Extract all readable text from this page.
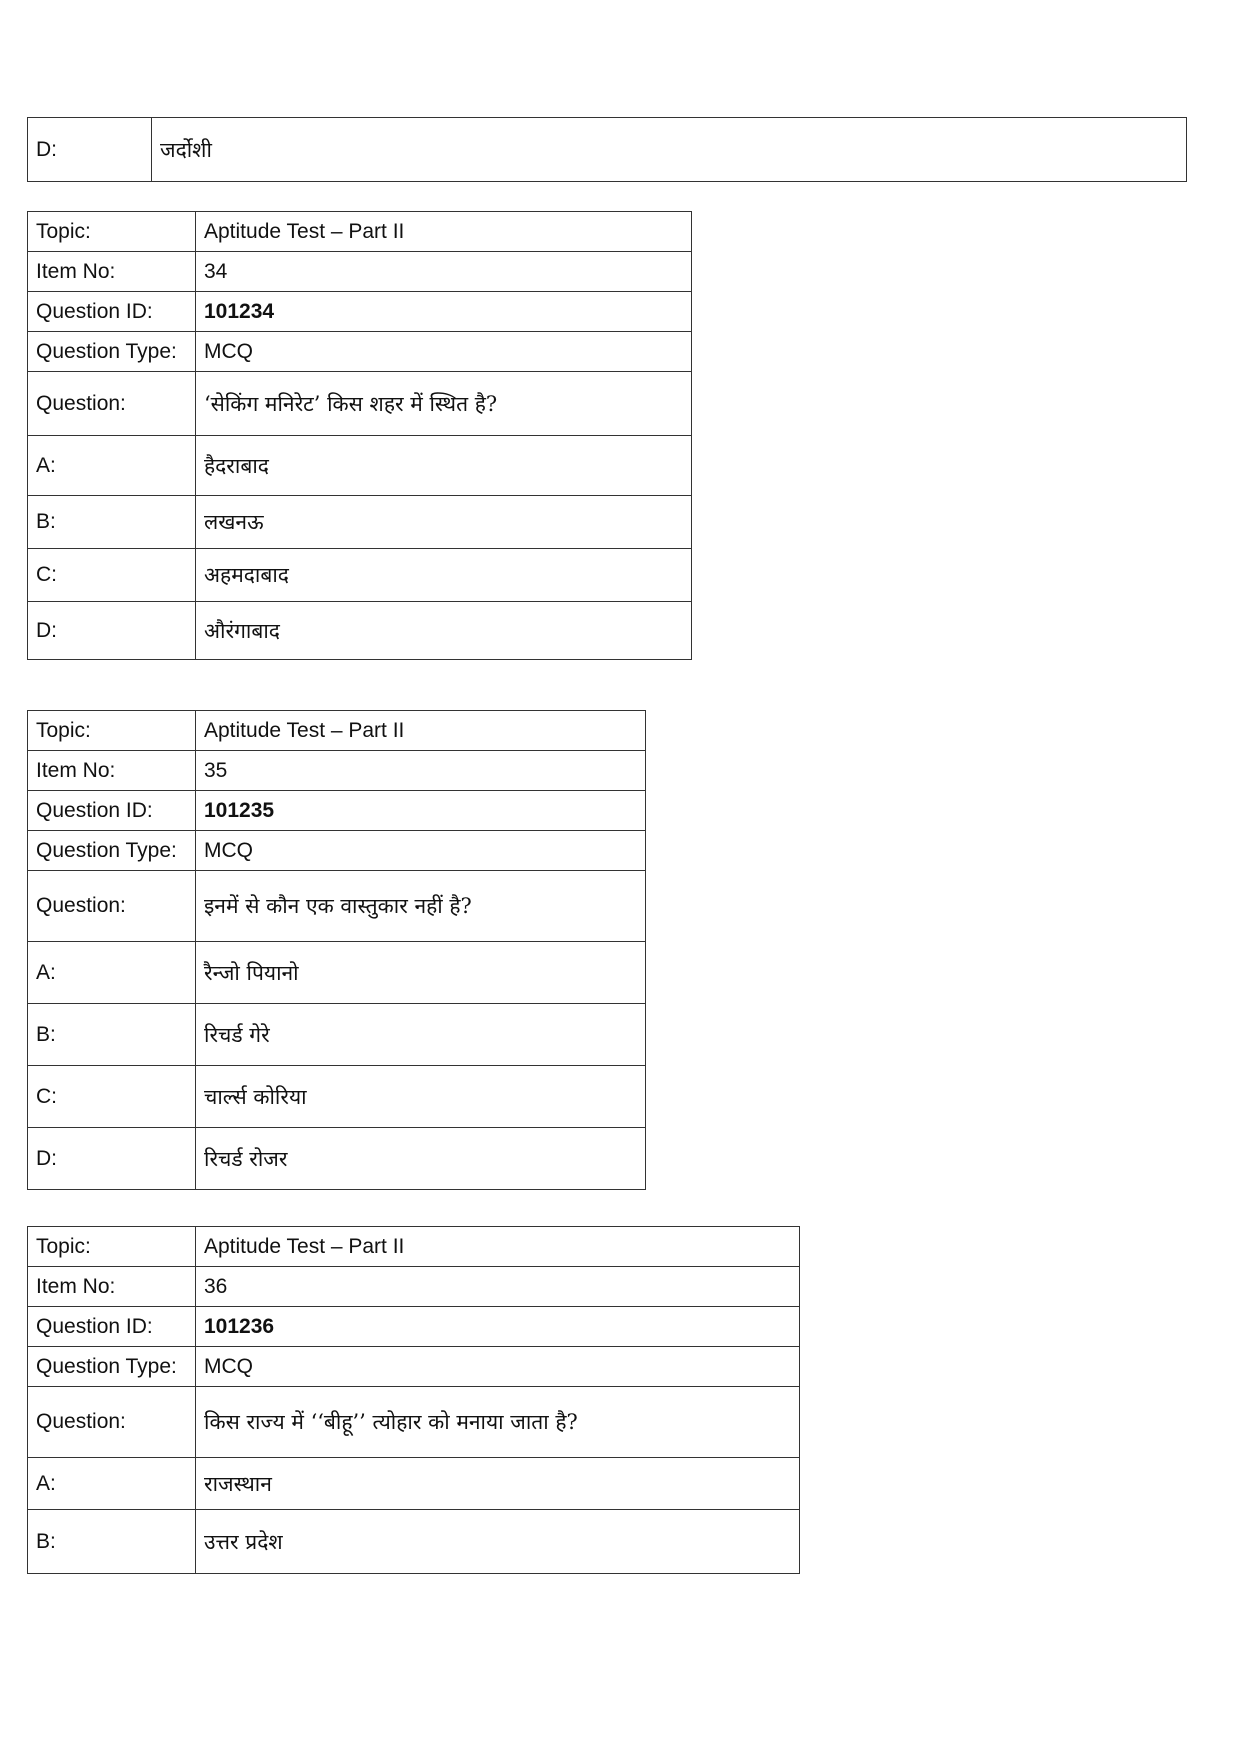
D:	जर्दोशी
Topic:	Aptitude Test – Part II
Item No:	34
Question ID:	101234
Question Type:	MCQ
Question:	‘सेकिंग मनिरेट’ किस शहर में स्थित है?
A:	हैदराबाद
B:	लखनऊ
C:	अहमदाबाद
D:	औरंगाबाद
Topic:	Aptitude Test – Part II
Item No:	35
Question ID:	101235
Question Type:	MCQ
Question:	इनमें से कौन एक वास्तुकार नहीं है?
A:	रैन्जो पियानो
B:	रिचर्ड गेरे
C:	चार्ल्स कोरिया
D:	रिचर्ड रोजर
Topic:	Aptitude Test – Part II
Item No:	36
Question ID:	101236
Question Type:	MCQ
Question:	किस राज्य में ‘‘बीहू’’ त्योहार को मनाया जाता है?
A:	राजस्थान
B:	उत्तर प्रदेश
